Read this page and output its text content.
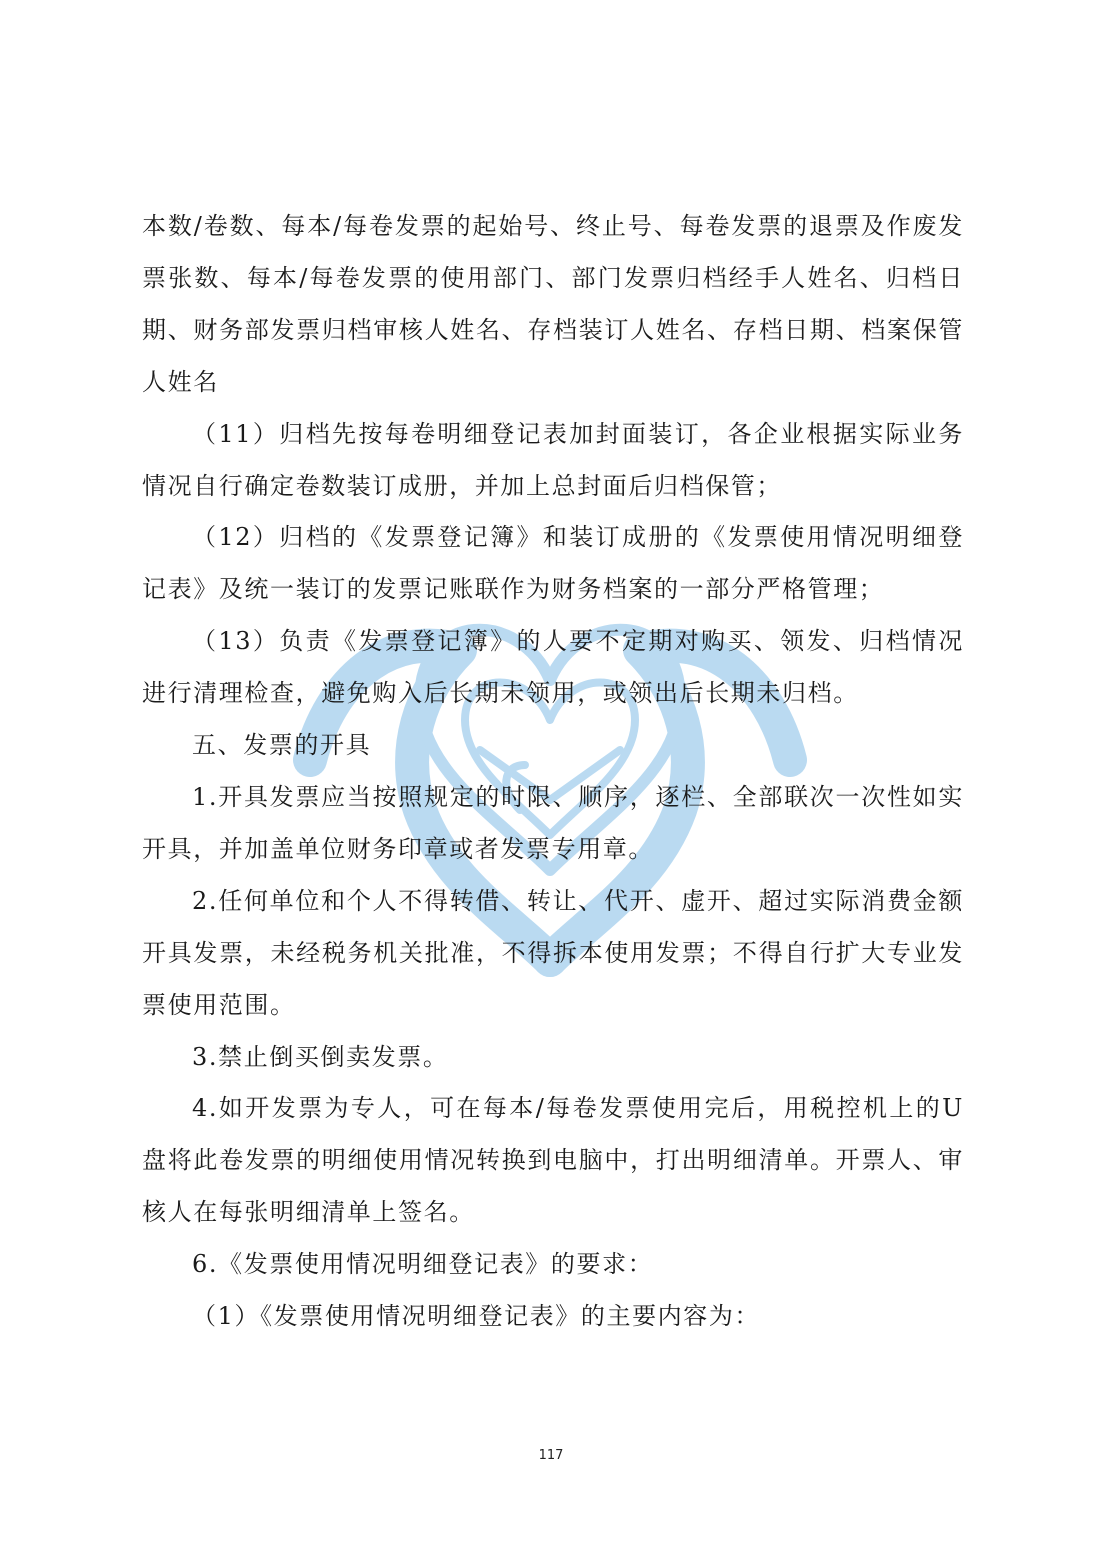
本数/卷数、每本/每卷发票的起始号、终止号、每卷发票的退票及作废发票张数、每本/每卷发票的使用部门、部门发票归档经手人姓名、归档日期、财务部发票归档审核人姓名、存档装订人姓名、存档日期、档案保管人姓名

（11）归档先按每卷明细登记表加封面装订，各企业根据实际业务情况自行确定卷数装订成册，并加上总封面后归档保管；

（12）归档的《发票登记簿》和装订成册的《发票使用情况明细登记表》及统一装订的发票记账联作为财务档案的一部分严格管理；

（13）负责《发票登记簿》的人要不定期对购买、领发、归档情况进行清理检查，避免购入后长期未领用，或领出后长期未归档。

五、发票的开具

1.开具发票应当按照规定的时限、顺序，逐栏、全部联次一次性如实开具，并加盖单位财务印章或者发票专用章。

2.任何单位和个人不得转借、转让、代开、虚开、超过实际消费金额开具发票，未经税务机关批准，不得拆本使用发票；不得自行扩大专业发票使用范围。

3.禁止倒买倒卖发票。

4.如开发票为专人，可在每本/每卷发票使用完后，用税控机上的U盘将此卷发票的明细使用情况转换到电脑中，打出明细清单。开票人、审核人在每张明细清单上签名。

6.《发票使用情况明细登记表》的要求：

（1）《发票使用情况明细登记表》的主要内容为：

117
